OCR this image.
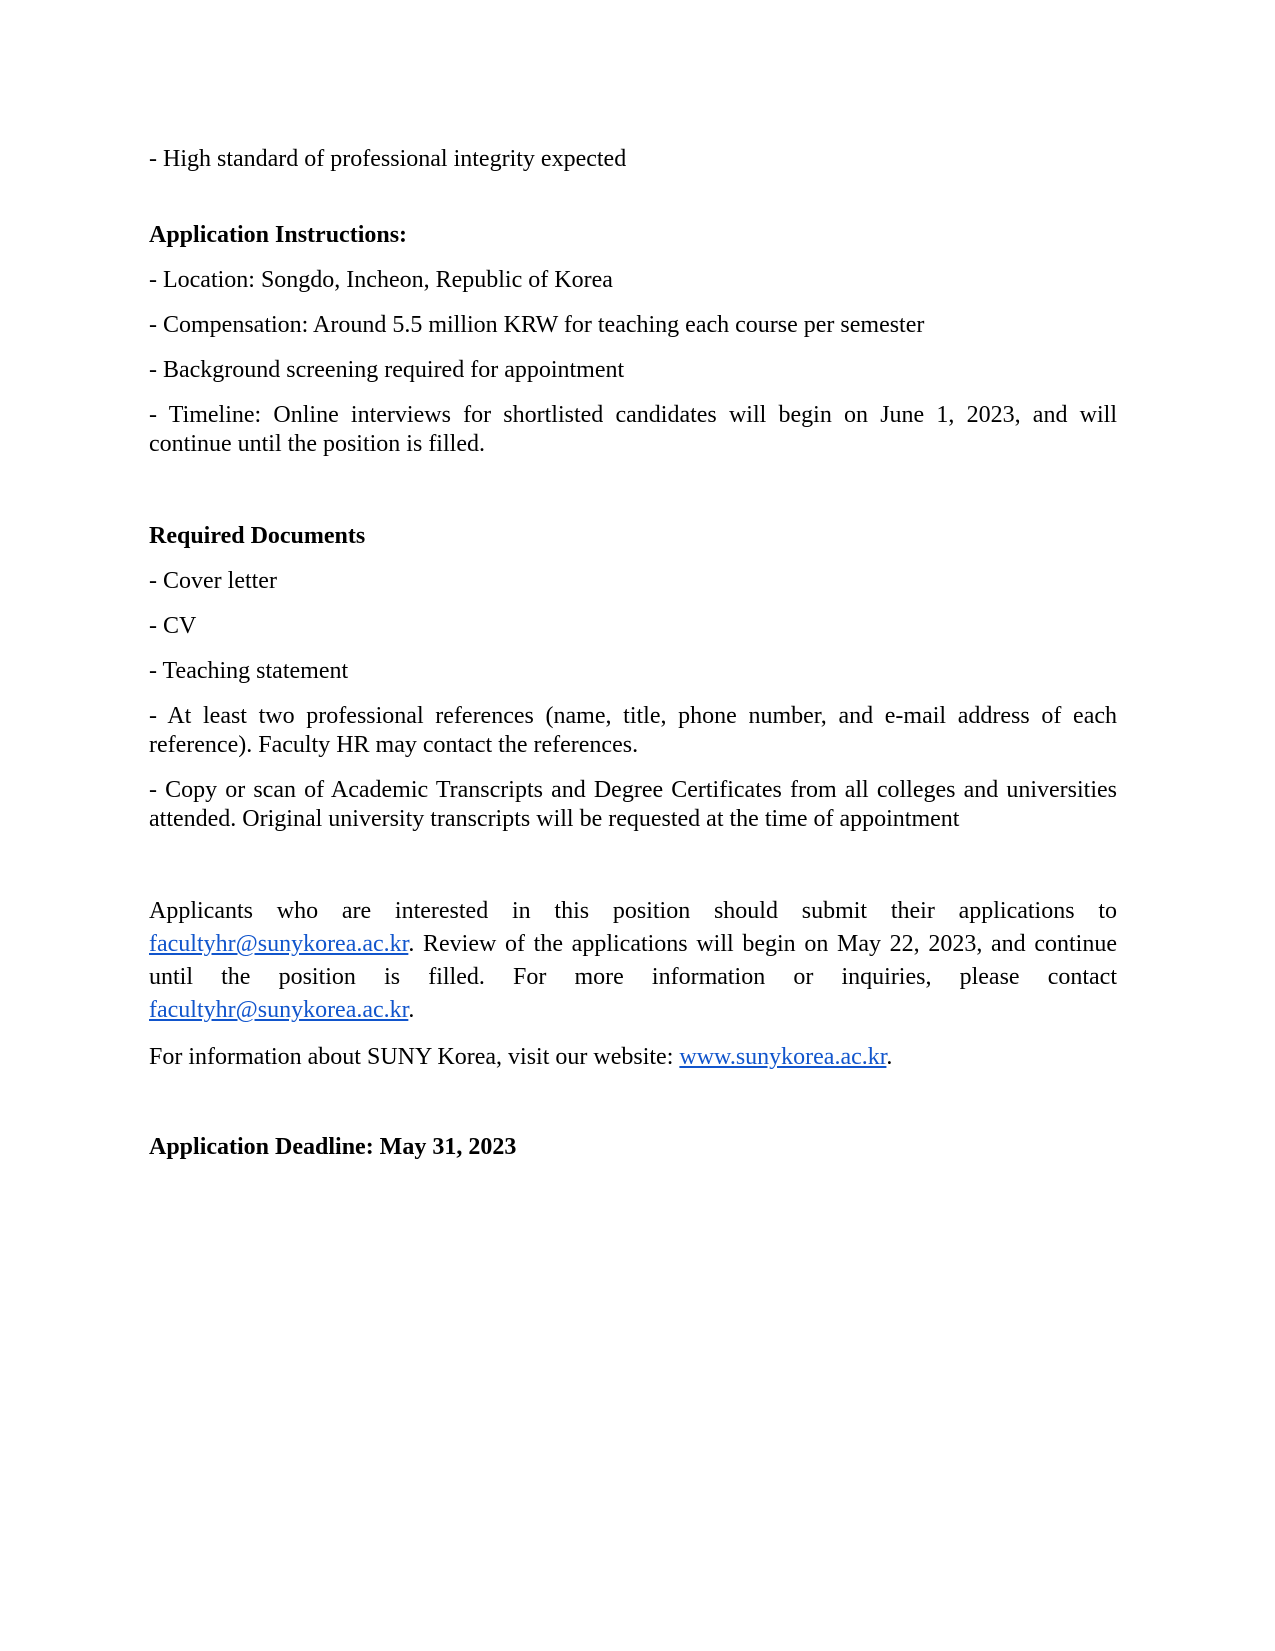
- High standard of professional integrity expected

Application Instructions:

- Location: Songdo, Incheon, Republic of Korea

- Compensation: Around 5.5 million KRW for teaching each course per semester

- Background screening required for appointment

- Timeline: Online interviews for shortlisted candidates will begin on June 1, 2023, and will continue until the position is filled.

Required Documents

- Cover letter

- CV

- Teaching statement

- At least two professional references (name, title, phone number, and e-mail address of each reference). Faculty HR may contact the references.

- Copy or scan of Academic Transcripts and Degree Certificates from all colleges and universities attended. Original university transcripts will be requested at the time of appointment

Applicants who are interested in this position should submit their applications to facultyhr@sunykorea.ac.kr. Review of the applications will begin on May 22, 2023, and continue until the position is filled. For more information or inquiries, please contact facultyhr@sunykorea.ac.kr.

For information about SUNY Korea, visit our website: www.sunykorea.ac.kr.

Application Deadline: May 31, 2023
